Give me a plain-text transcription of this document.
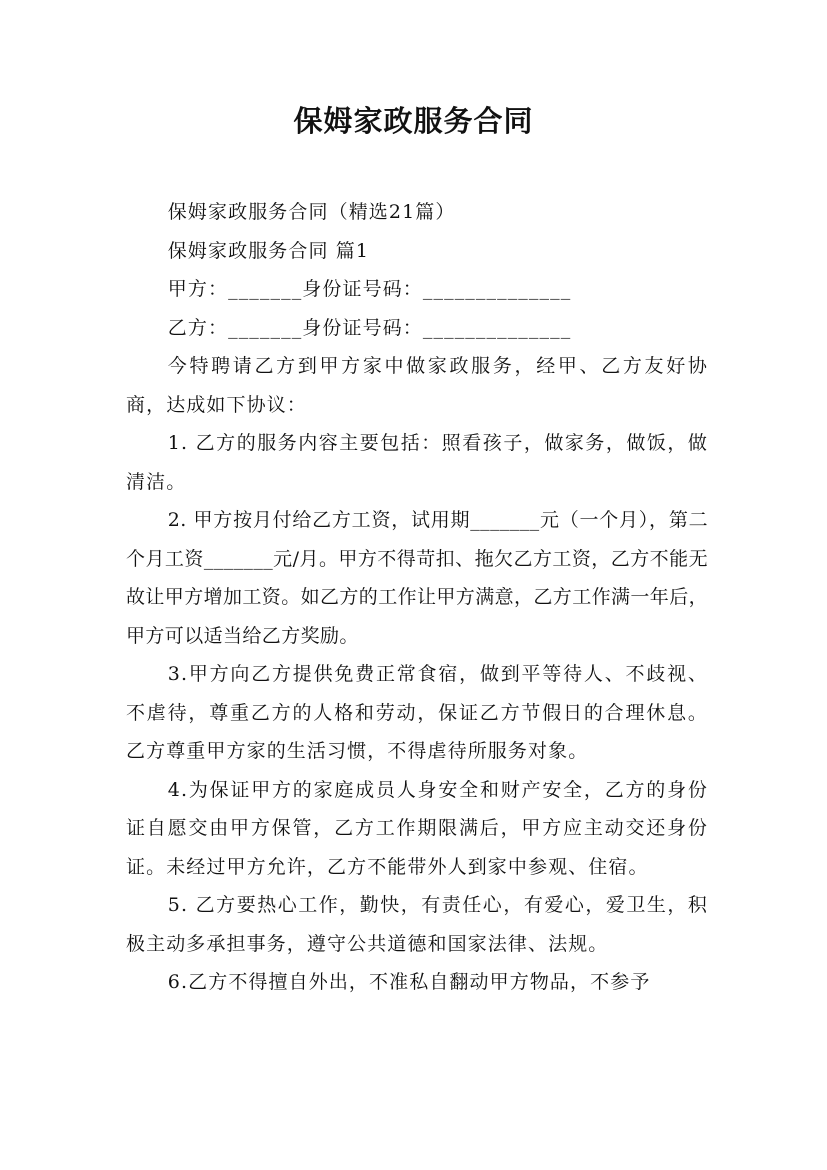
保姆家政服务合同

保姆家政服务合同（精选21篇）

保姆家政服务合同 篇1

甲方：_______身份证号码：______________

乙方：_______身份证号码：______________

今特聘请乙方到甲方家中做家政服务，经甲、乙方友好协商，达成如下协议：

1. 乙方的服务内容主要包括：照看孩子，做家务，做饭，做清洁。

2. 甲方按月付给乙方工资，试用期_______元（一个月），第二个月工资_______元/月。甲方不得苛扣、拖欠乙方工资，乙方不能无故让甲方增加工资。如乙方的工作让甲方满意，乙方工作满一年后，甲方可以适当给乙方奖励。

3.甲方向乙方提供免费正常食宿，做到平等待人、不歧视、不虐待，尊重乙方的人格和劳动，保证乙方节假日的合理休息。乙方尊重甲方家的生活习惯，不得虐待所服务对象。

4.为保证甲方的家庭成员人身安全和财产安全，乙方的身份证自愿交由甲方保管，乙方工作期限满后，甲方应主动交还身份证。未经过甲方允许，乙方不能带外人到家中参观、住宿。

5. 乙方要热心工作，勤快，有责任心，有爱心，爱卫生，积极主动多承担事务，遵守公共道德和国家法律、法规。

6.乙方不得擅自外出，不准私自翻动甲方物品，不参予
